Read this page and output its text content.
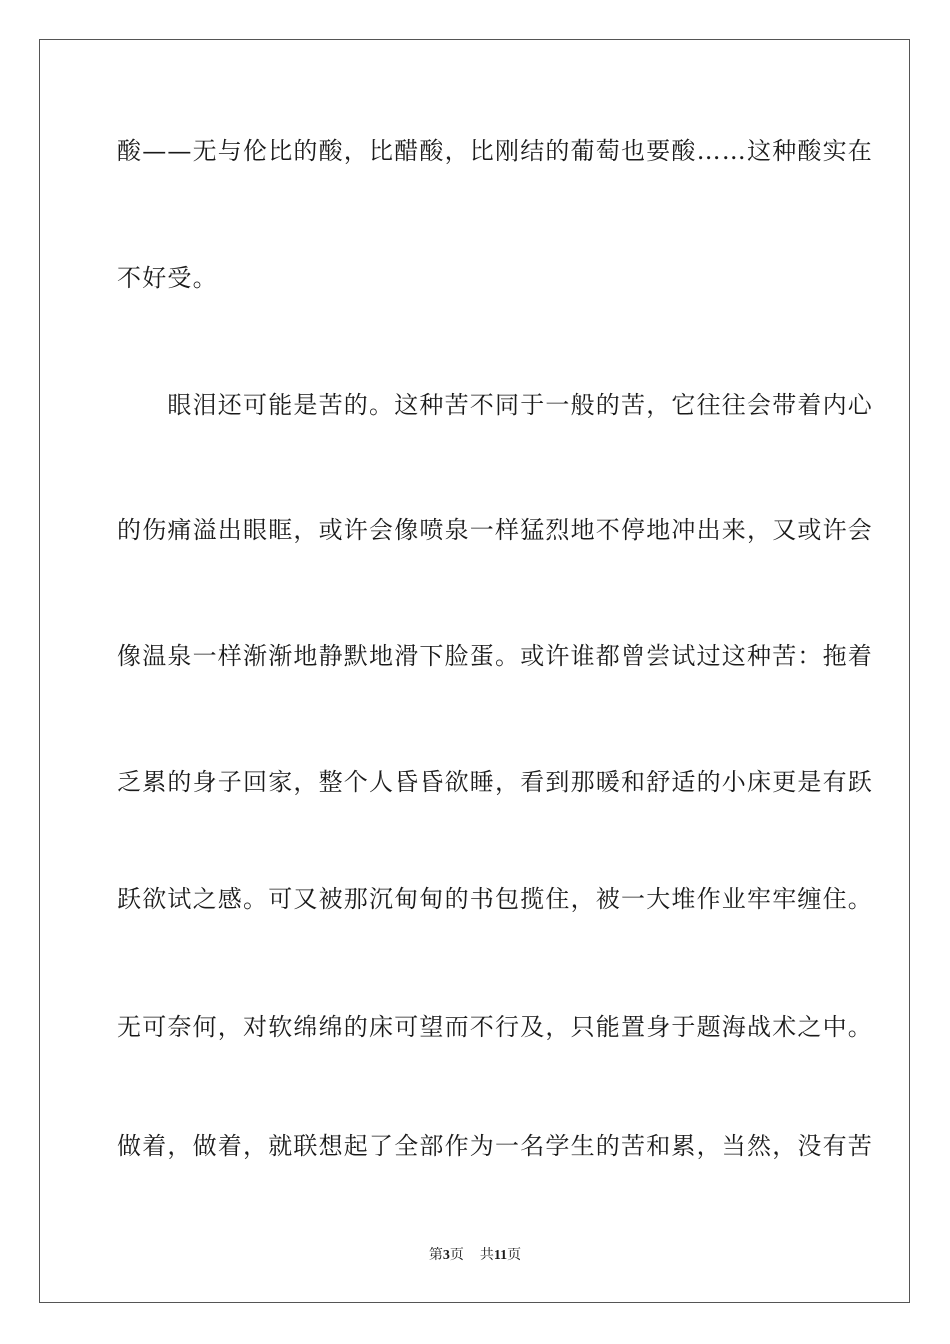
酸——无与伦比的酸，比醋酸，比刚结的葡萄也要酸……这种酸实在
不好受。
　　眼泪还可能是苦的。这种苦不同于一般的苦，它往往会带着内心
的伤痛溢出眼眶，或许会像喷泉一样猛烈地不停地冲出来，又或许会
像温泉一样渐渐地静默地滑下脸蛋。或许谁都曾尝试过这种苦：拖着
乏累的身子回家，整个人昏昏欲睡，看到那暖和舒适的小床更是有跃
跃欲试之感。可又被那沉甸甸的书包揽住，被一大堆作业牢牢缠住。
无可奈何，对软绵绵的床可望而不行及，只能置身于题海战术之中。
做着，做着，就联想起了全部作为一名学生的苦和累，当然，没有苦
第3页 共11页
